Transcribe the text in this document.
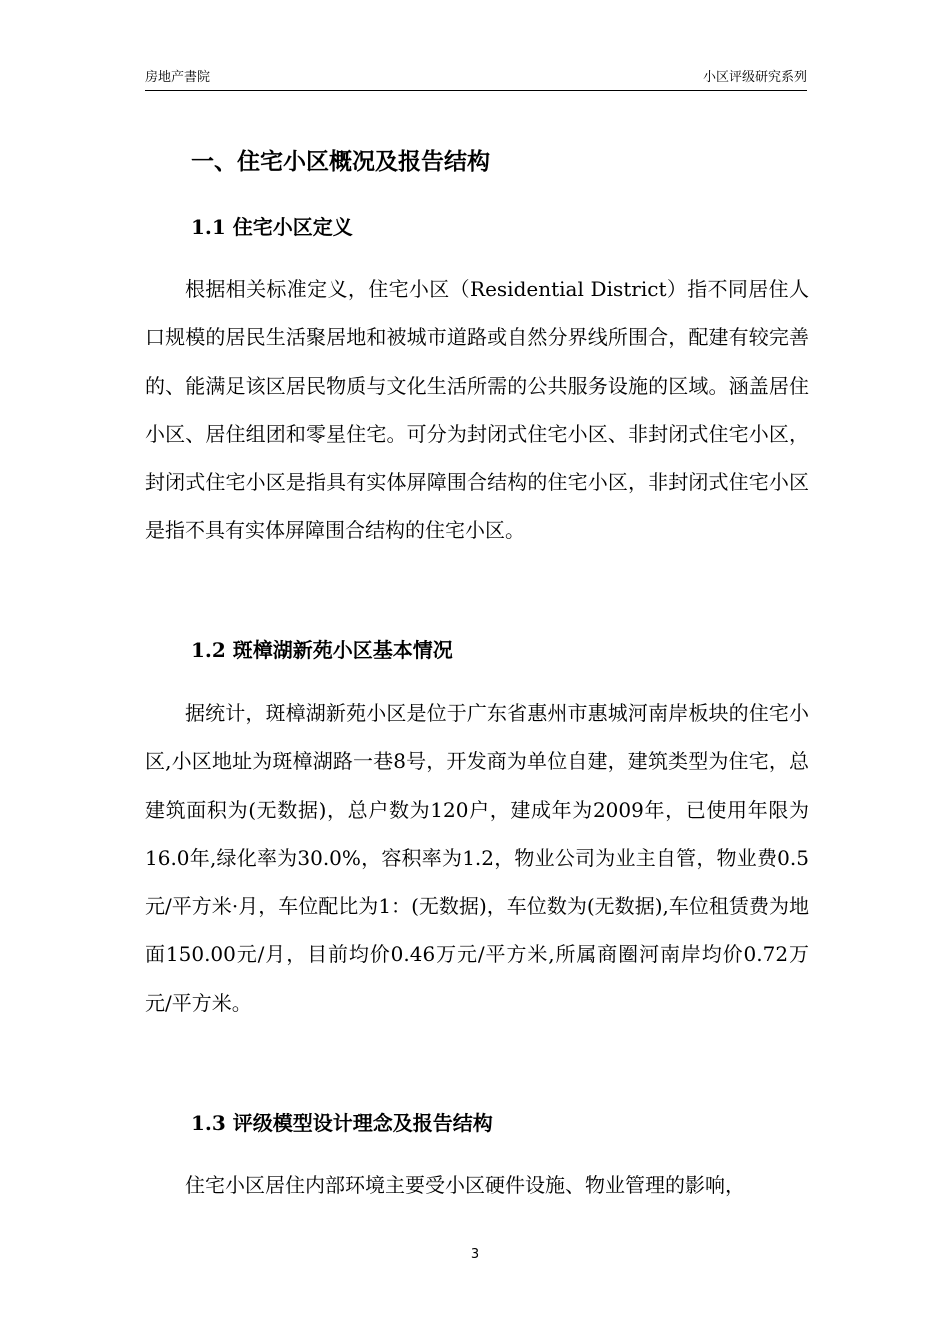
房地产書院	小区评级研究系列
一、住宅小区概况及报告结构
1.1 住宅小区定义

根据相关标准定义，住宅小区（Residential District）指不同居住人口规模的居民生活聚居地和被城市道路或自然分界线所围合，配建有较完善的、能满足该区居民物质与文化生活所需的公共服务设施的区域。涵盖居住小区、居住组团和零星住宅。可分为封闭式住宅小区、非封闭式住宅小区，封闭式住宅小区是指具有实体屏障围合结构的住宅小区，非封闭式住宅小区是指不具有实体屏障围合结构的住宅小区。

1.2 斑樟湖新苑小区基本情况

据统计，斑樟湖新苑小区是位于广东省惠州市惠城河南岸板块的住宅小区,小区地址为斑樟湖路一巷8号，开发商为单位自建，建筑类型为住宅，总建筑面积为(无数据)，总户数为120户，建成年为2009年，已使用年限为16.0年,绿化率为30.0%，容积率为1.2，物业公司为业主自管，物业费0.5元/平方米·月，车位配比为1：(无数据)，车位数为(无数据),车位租赁费为地面150.00元/月，目前均价0.46万元/平方米,所属商圈河南岸均价0.72万元/平方米。

1.3 评级模型设计理念及报告结构

住宅小区居住内部环境主要受小区硬件设施、物业管理的影响，

3
